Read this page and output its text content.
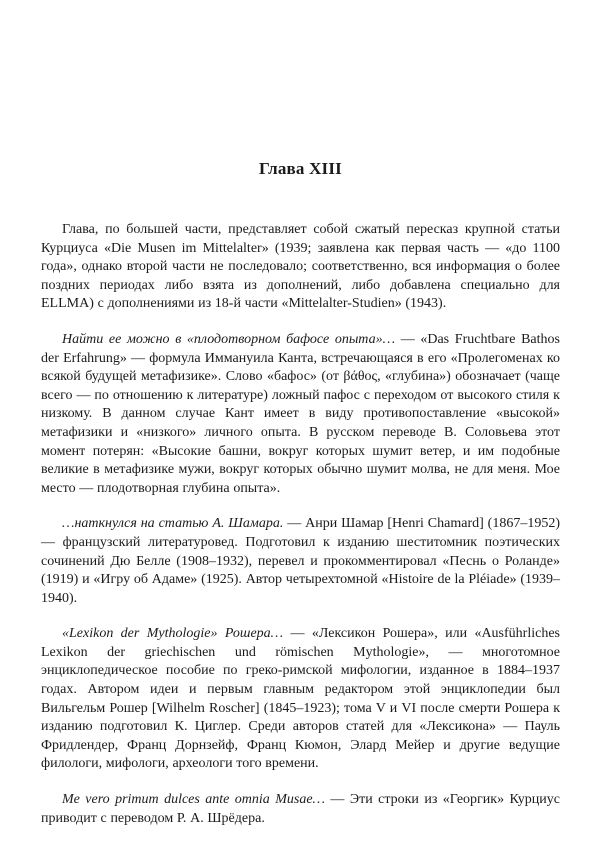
Глава XIII

Глава, по большей части, представляет собой сжатый пересказ крупной статьи Курциуса «Die Musen im Mittelalter» (1939; заявлена как первая часть — «до 1100 года», однако второй части не последовало; соответственно, вся информация о более поздних периодах либо взята из дополнений, либо добавлена специально для ELLMA) с дополнениями из 18-й части «Mittelalter-Studien» (1943).

Найти ее можно в «плодотворном бафосе опыта»… — «Das Fruchtbare Bathos der Erfahrung» — формула Иммануила Канта, встречающаяся в его «Пролегоменах ко всякой будущей метафизике». Слово «бафос» (от βάθος, «глубина») обозначает (чаще всего — по отношению к литературе) ложный пафос с переходом от высокого стиля к низкому. В данном случае Кант имеет в виду противопоставление «высокой» метафизики и «низкого» личного опыта. В русском переводе В. Соловьева этот момент потерян: «Высокие башни, вокруг которых шумит ветер, и им подобные великие в метафизике мужи, вокруг которых обычно шумит молва, не для меня. Мое место — плодотворная глубина опыта».

…наткнулся на статью А. Шамара. — Анри Шамар [Henri Chamard] (1867–1952) — французский литературовед. Подготовил к изданию шеститомник поэтических сочинений Дю Белле (1908–1932), перевел и прокомментировал «Песнь о Роланде» (1919) и «Игру об Адаме» (1925). Автор четырехтомной «Histoire de la Pléiade» (1939–1940).

«Lexikon der Mythologie» Рошера… — «Лексикон Рошера», или «Ausführliches Lexikon der griechischen und römischen Mythologie», — многотомное энциклопедическое пособие по греко-римской мифологии, изданное в 1884–1937 годах. Автором идеи и первым главным редактором этой энциклопедии был Вильгельм Рошер [Wilhelm Roscher] (1845–1923); тома V и VI после смерти Рошера к изданию подготовил К. Циглер. Среди авторов статей для «Лексикона» — Пауль Фридлендер, Франц Дорнзейф, Франц Кюмон, Элард Мейер и другие ведущие филологи, мифологи, археологи того времени.

Me vero primum dulces ante omnia Musae… — Эти строки из «Георгик» Курциус приводит с переводом Р. А. Шрёдера.
